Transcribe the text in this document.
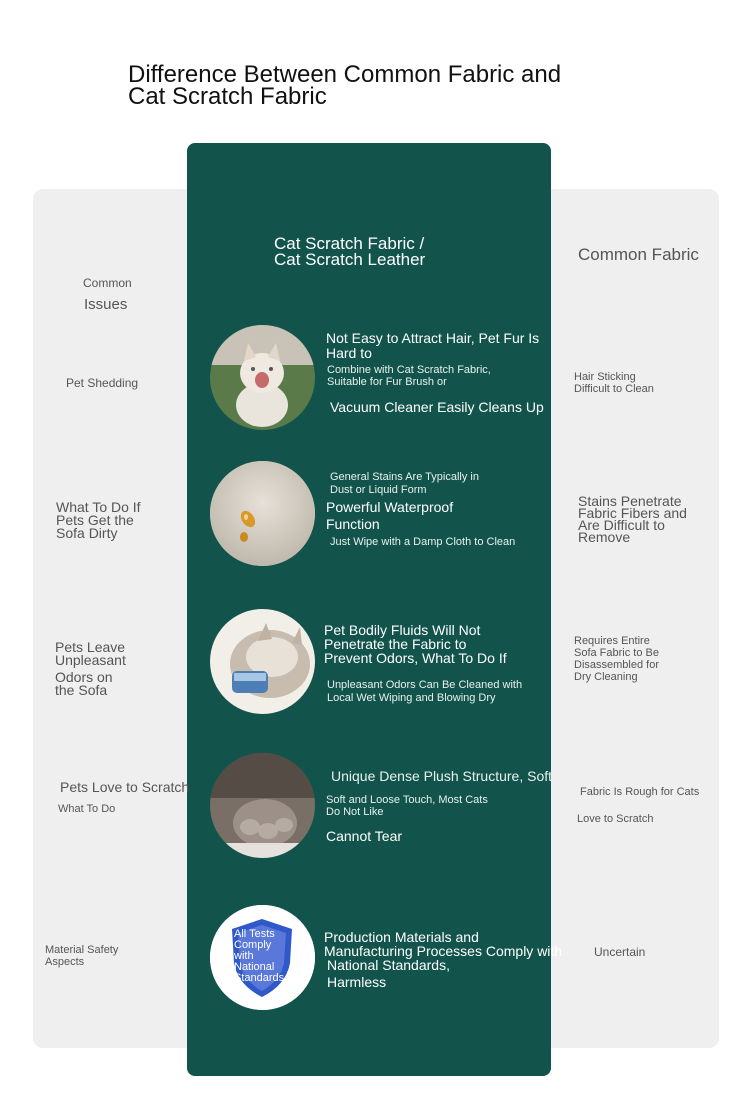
Difference Between Common Fabric and
Cat Scratch Fabric
Cat Scratch Fabric /
Cat Scratch Leather	Common Fabric
Common
Issues
Pet Shedding
Not Easy to Attract Hair, Pet Fur Is
Hard to
Combine with Cat Scratch Fabric,
Suitable for Fur Brush or
Vacuum Cleaner Easily Cleans Up
Hair Sticking
Difficult to Clean
What To Do If
Pets Get the
Sofa Dirty
General Stains Are Typically in
Dust or Liquid Form
Powerful Waterproof
Function
Just Wipe with a Damp Cloth to Clean
Stains Penetrate
Fabric Fibers and
Are Difficult to
Remove
Pets Leave
Unpleasant
Odors on
the Sofa
Pet Bodily Fluids Will Not
Penetrate the Fabric to
Prevent Odors, What To Do If
Unpleasant Odors Can Be Cleaned with
Local Wet Wiping and Blowing Dry
Requires Entire
Sofa Fabric to Be
Disassembled for
Dry Cleaning
Pets Love to Scratch
What To Do
Unique Dense Plush Structure, Soft
Soft and Loose Touch, Most Cats
Do Not Like
Cannot Tear
Fabric Is Rough for Cats
Love to Scratch
Material Safety
Aspects
All Tests
Comply
with
National
Standards
Production Materials and
Manufacturing Processes Comply with
National Standards,
Harmless
Uncertain
